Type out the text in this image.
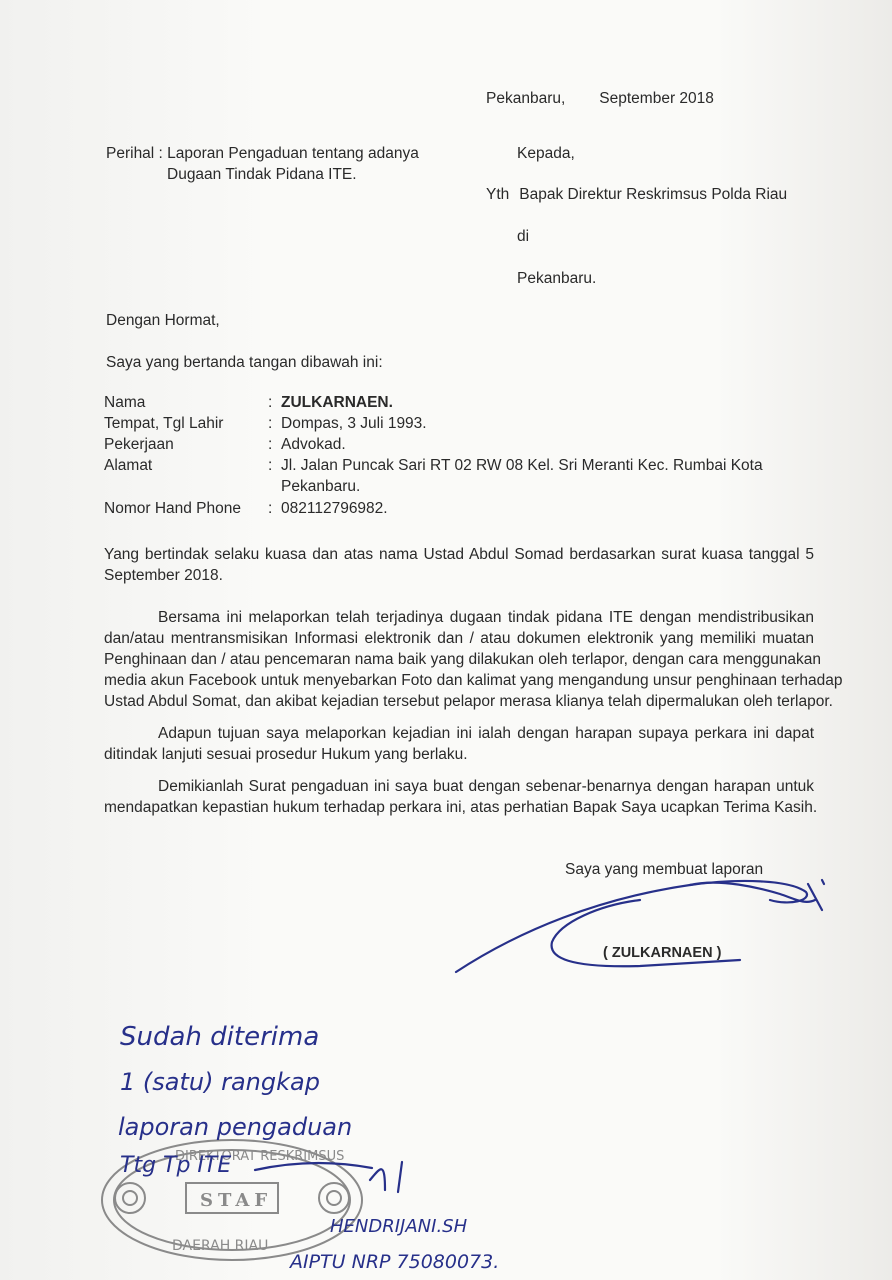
Pekanbaru, September 2018
Perihal : Laporan Pengaduan tentang adanya
Dugaan Tindak Pidana ITE.
Kepada,
Yth Bapak Direktur Reskrimsus Polda Riau
di
Pekanbaru.
Dengan Hormat,
Saya yang bertanda tangan dibawah ini:
Nama	: ZULKARNAEN.
Tempat, Tgl Lahir	: Dompas, 3 Juli 1993.
Pekerjaan	: Advokad.
Alamat	: Jl. Jalan Puncak Sari RT 02 RW 08 Kel. Sri Meranti Kec. Rumbai Kota
Pekanbaru.
Nomor Hand Phone : 082112796982.
Yang bertindak selaku kuasa dan atas nama Ustad Abdul Somad berdasarkan surat kuasa tanggal 5
September 2018.
Bersama ini melaporkan telah terjadinya dugaan tindak pidana ITE dengan mendistribusikan
dan/atau mentransmisikan Informasi elektronik dan / atau dokumen elektronik yang memiliki muatan
Penghinaan dan / atau pencemaran nama baik yang dilakukan oleh terlapor, dengan cara menggunakan
media akun Facebook untuk menyebarkan Foto dan kalimat yang mengandung unsur penghinaan terhadap
Ustad Abdul Somat, dan akibat kejadian tersebut pelapor merasa klianya telah dipermalukan oleh terlapor.
Adapun tujuan saya melaporkan kejadian ini ialah dengan harapan supaya perkara ini dapat
ditindak lanjuti sesuai prosedur Hukum yang berlaku.
Demikianlah Surat pengaduan ini saya buat dengan sebenar-benarnya dengan harapan untuk
mendapatkan kepastian hukum terhadap perkara ini, atas perhatian Bapak Saya ucapkan Terima Kasih.
Saya yang membuat laporan
( ZULKARNAEN )
DIREKTORAT RESKRIMSUS
STAF
DAERAH RIAU
Sudah diterima
1 (satu) rangkap
laporan pengaduan
Ttg Tp ITE
HENDRIJANI.SH
AIPTU NRP 75080073.
